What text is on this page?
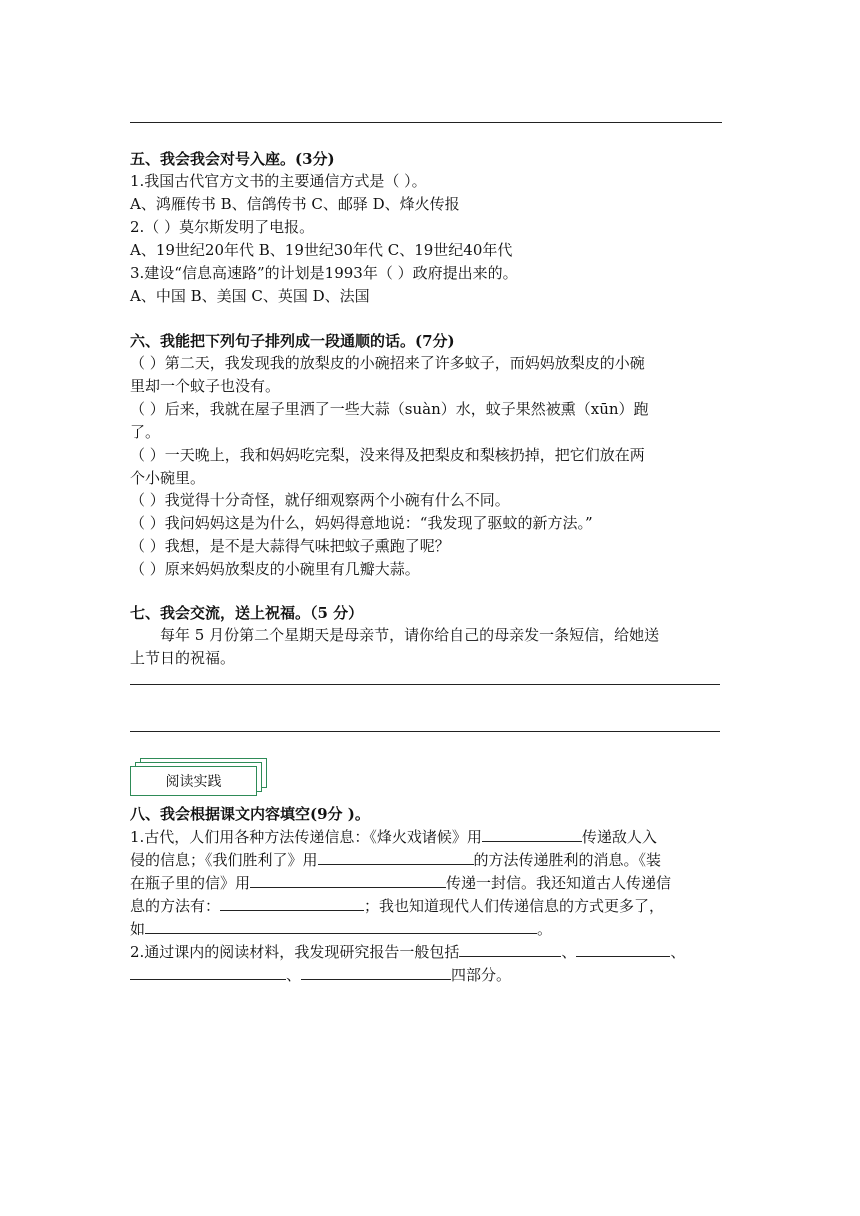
五、我会我会对号入座。(3分)
1.我国古代官方文书的主要通信方式是（ ）。
A、鸿雁传书 B、信鸽传书 C、邮驿 D、烽火传报
2.（ ）莫尔斯发明了电报。
A、19世纪20年代 B、19世纪30年代 C、19世纪40年代
3.建设“信息高速路”的计划是1993年（ ）政府提出来的。
A、中国 B、美国 C、英国 D、法国
六、我能把下列句子排列成一段通顺的话。(7分)
（ ）第二天，我发现我的放梨皮的小碗招来了许多蚊子，而妈妈放梨皮的小碗
里却一个蚊子也没有。
（ ）后来，我就在屋子里洒了一些大蒜（suàn）水，蚊子果然被熏（xūn）跑
了。
（ ）一天晚上，我和妈妈吃完梨，没来得及把梨皮和梨核扔掉，把它们放在两
个小碗里。
（ ）我觉得十分奇怪，就仔细观察两个小碗有什么不同。
（ ）我问妈妈这是为什么，妈妈得意地说：“我发现了驱蚊的新方法。”
（ ）我想，是不是大蒜得气味把蚊子熏跑了呢？
（ ）原来妈妈放梨皮的小碗里有几瓣大蒜。
七、我会交流，送上祝福。（5 分）
每年 5 月份第二个星期天是母亲节，请你给自己的母亲发一条短信，给她送
上节日的祝福。
阅读实践
八、我会根据课文内容填空(9分 )。
1.古代，人们用各种方法传递信息：《烽火戏诸候》用	传递敌人入
侵的信息；《我们胜利了》用	的方法传递胜利的消息。《装
在瓶子里的信》用	传递一封信。我还知道古人传递信
息的方法有：	；我也知道现代人们传递信息的方式更多了，
如	。
2.通过课内的阅读材料，我发现研究报告一般包括	、	、
、	四部分。
